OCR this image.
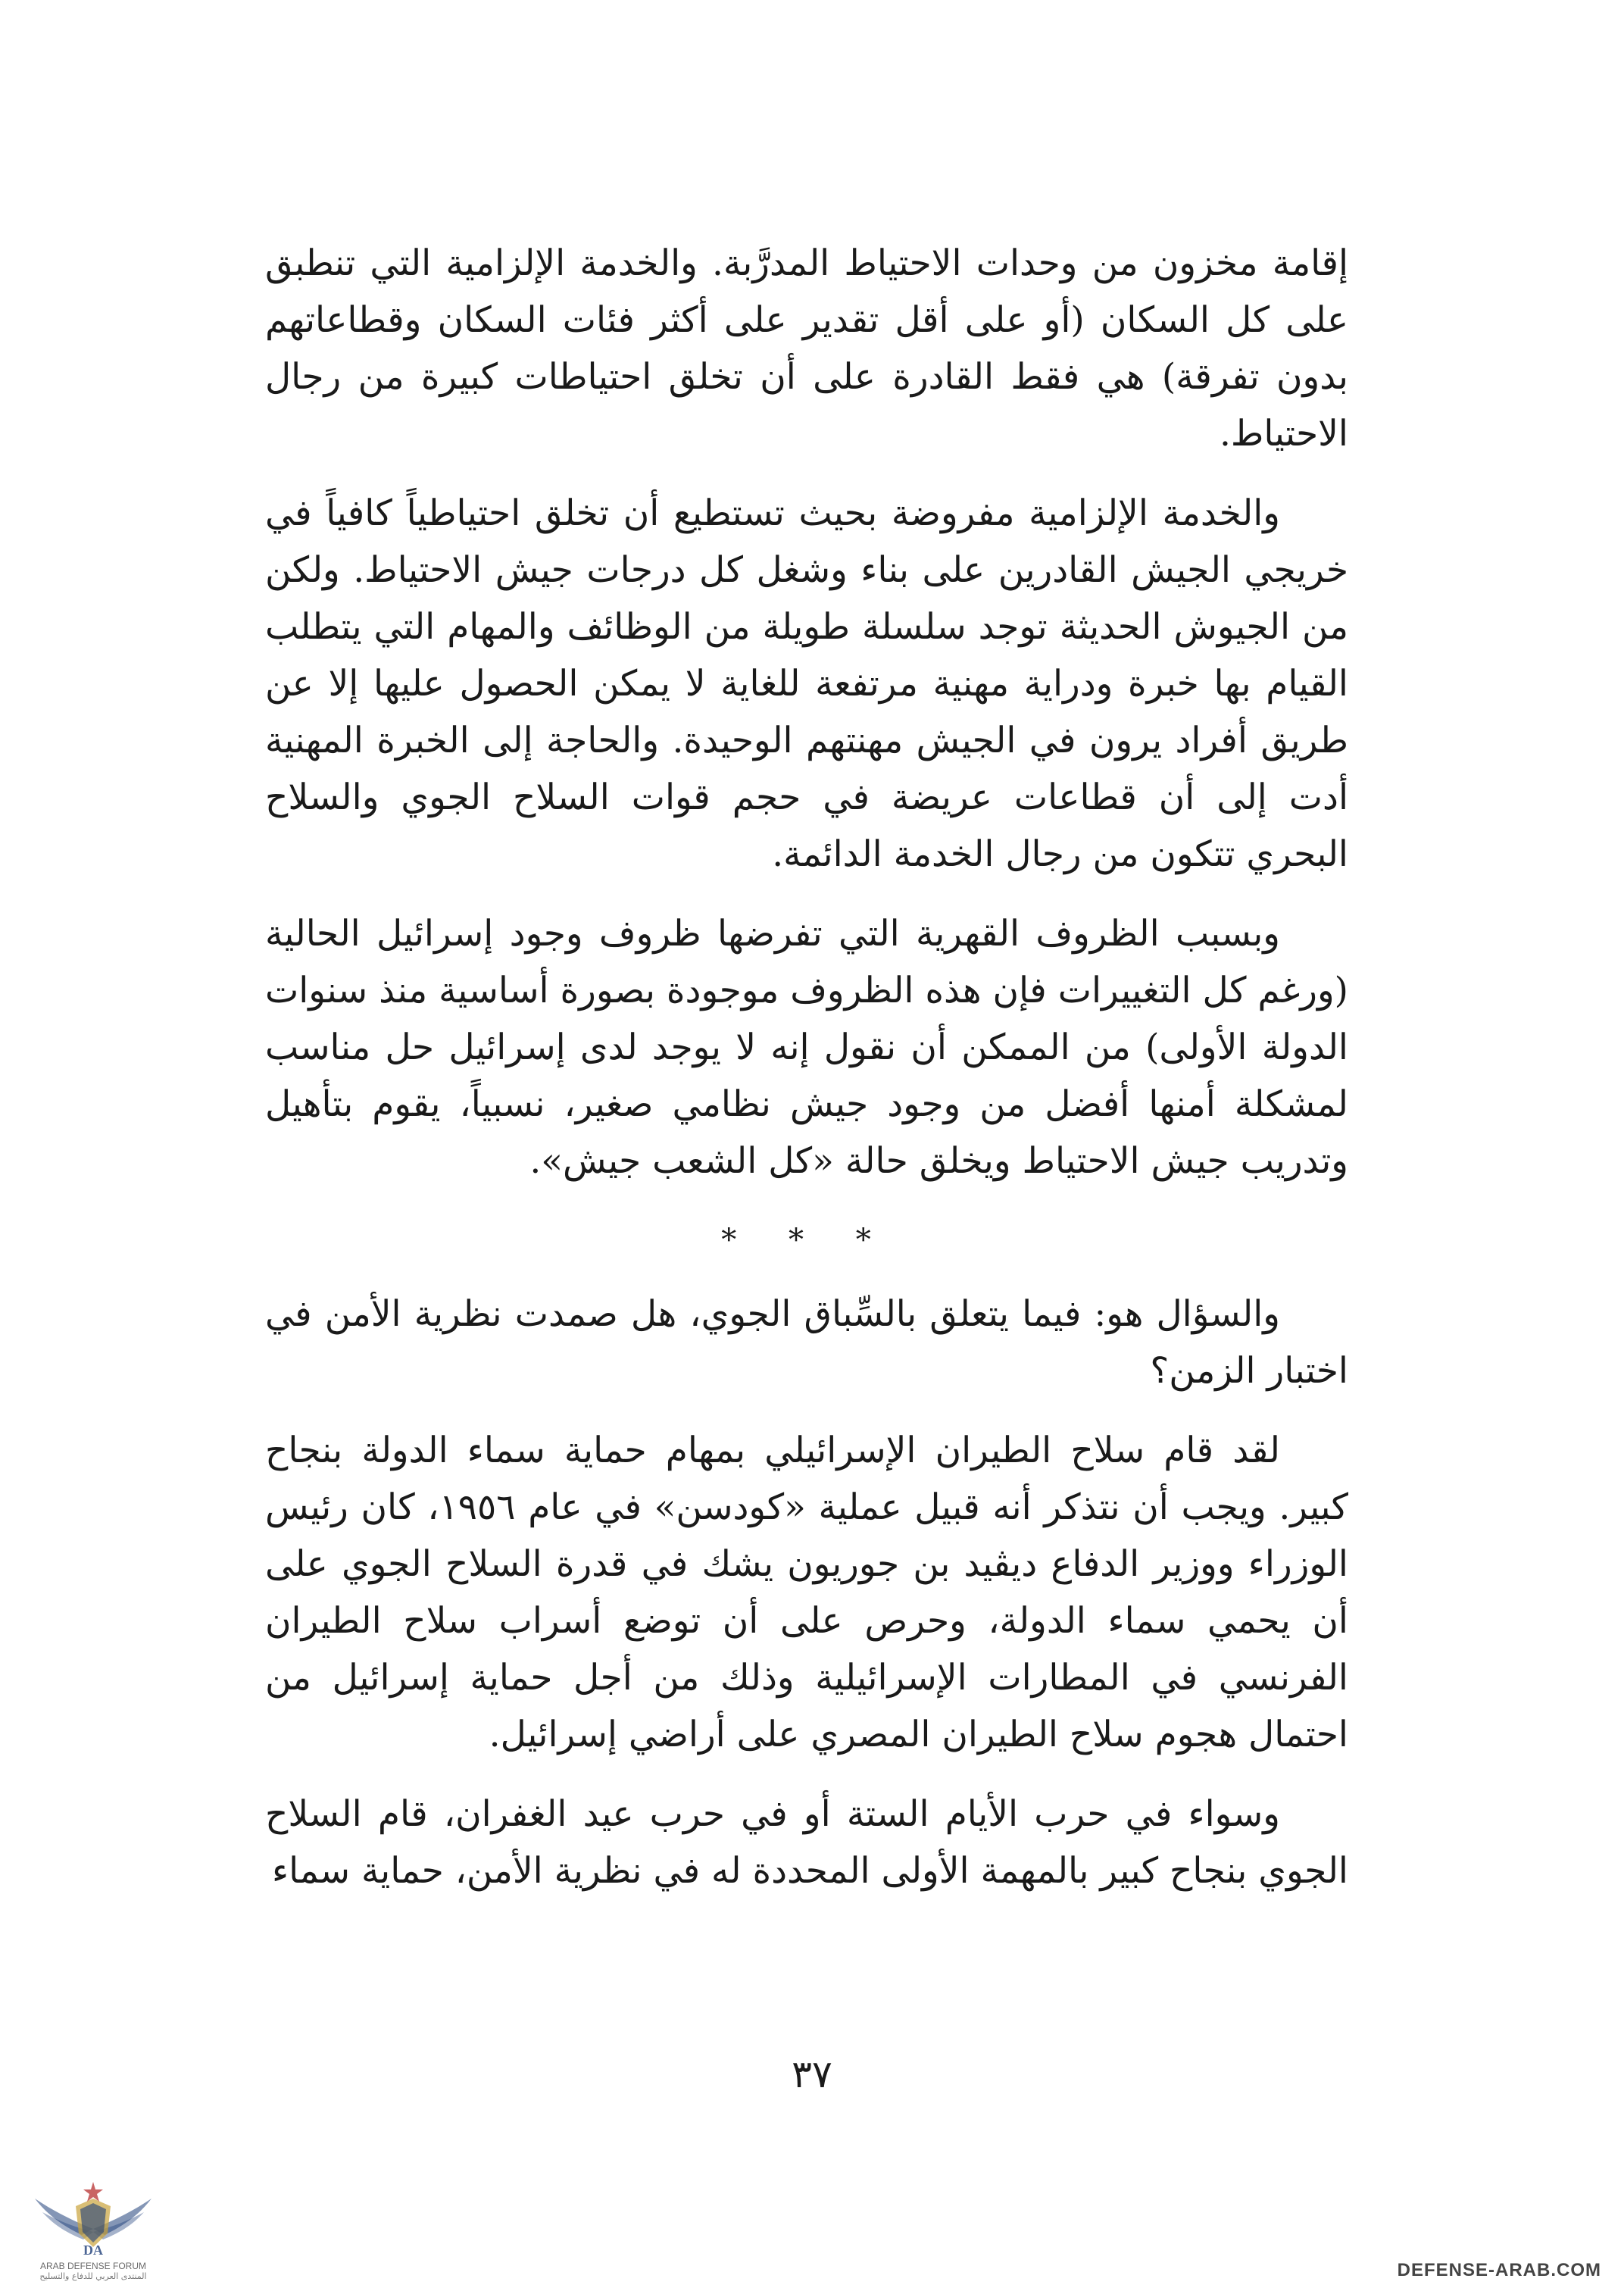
إقامة مخزون من وحدات الاحتياط المدرَّبة. والخدمة الإلزامية التي تنطبق على كل السكان (أو على أقل تقدير على أكثر فئات السكان وقطاعاتهم بدون تفرقة) هي فقط القادرة على أن تخلق احتياطات كبيرة من رجال الاحتياط.

والخدمة الإلزامية مفروضة بحيث تستطيع أن تخلق احتياطياً كافياً في خريجي الجيش القادرين على بناء وشغل كل درجات جيش الاحتياط. ولكن من الجيوش الحديثة توجد سلسلة طويلة من الوظائف والمهام التي يتطلب القيام بها خبرة ودراية مهنية مرتفعة للغاية لا يمكن الحصول عليها إلا عن طريق أفراد يرون في الجيش مهنتهم الوحيدة. والحاجة إلى الخبرة المهنية أدت إلى أن قطاعات عريضة في حجم قوات السلاح الجوي والسلاح البحري تتكون من رجال الخدمة الدائمة.

وبسبب الظروف القهرية التي تفرضها ظروف وجود إسرائيل الحالية (ورغم كل التغييرات فإن هذه الظروف موجودة بصورة أساسية منذ سنوات الدولة الأولى) من الممكن أن نقول إنه لا يوجد لدى إسرائيل حل مناسب لمشكلة أمنها أفضل من وجود جيش نظامي صغير، نسبياً، يقوم بتأهيل وتدريب جيش الاحتياط ويخلق حالة «كل الشعب جيش».

* * *

والسؤال هو: فيما يتعلق بالسِّباق الجوي، هل صمدت نظرية الأمن في اختبار الزمن؟

لقد قام سلاح الطيران الإسرائيلي بمهام حماية سماء الدولة بنجاح كبير. ويجب أن نتذكر أنه قبيل عملية «كودسن» في عام ١٩٥٦، كان رئيس الوزراء ووزير الدفاع ديڤيد بن جوريون يشك في قدرة السلاح الجوي على أن يحمي سماء الدولة، وحرص على أن توضع أسراب سلاح الطيران الفرنسي في المطارات الإسرائيلية وذلك من أجل حماية إسرائيل من احتمال هجوم سلاح الطيران المصري على أراضي إسرائيل.

وسواء في حرب الأيام الستة أو في حرب عيد الغفران، قام السلاح الجوي بنجاح كبير بالمهمة الأولى المحددة له في نظرية الأمن، حماية سماء

٣٧
DA
ARAB DEFENSE FORUM
المنتدى العربي للدفاع والتسليح	DEFENSE-ARAB.COM
